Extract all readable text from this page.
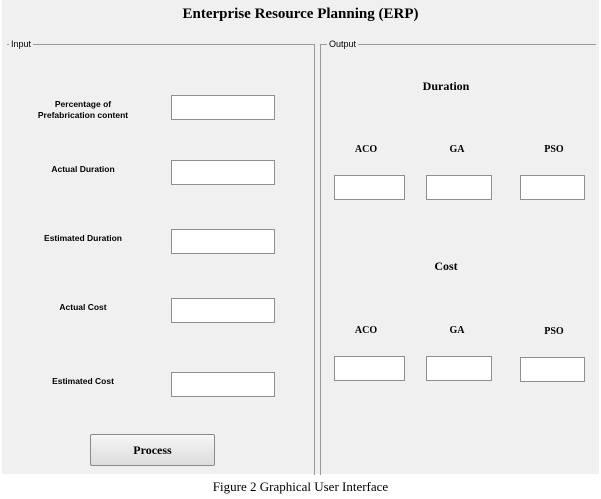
Enterprise Resource Planning (ERP)
Input
Percentage of
Prefabrication content
Actual Duration
Estimated Duration
Actual Cost
Estimated Cost
Process
Output
Duration
ACO	GA	PSO
Cost
ACO	GA	PSO
Figure 2 Graphical User Interface
